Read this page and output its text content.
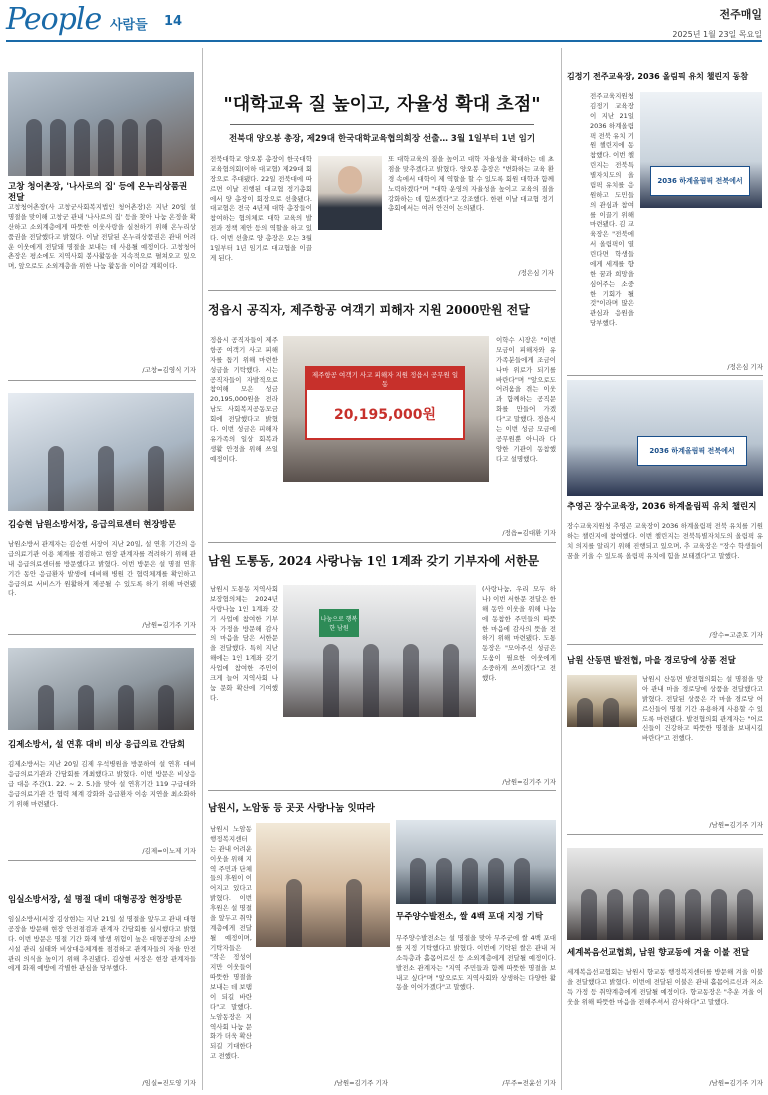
People 사람들 14	전주매일
2025년 1월 23일 목요일
고창 청어촌장, '나사로의 집' 등에 온누리상품권 전달
고창청어촌장(사 고창군사회복지법인 청어촌장)은 지난 20일 설 명절을 맞이해 고창군 관내 '나사로의 집' 등을 찾아 나눔 온정을 확산하고 소외계층에게 따뜻한 이웃사랑을 실천하기 위해 온누리상품권을 전달했다고 밝혔다. 이날 전달된 온누리상품권은 관내 어려운 이웃에게 전달돼 명절을 보내는 데 사용될 예정이다. 고창청어촌장은 평소에도 지역사회 봉사활동을 지속적으로 펼쳐오고 있으며, 앞으로도 소외계층을 위한 나눔 활동을 이어갈 계획이다.
/고창=김영식 기자
김승현 남원소방서장, 응급의료센터 현장방문
남원소방서 관계자는 김승현 서장이 지난 20일, 설 연휴 기간의 응급의료기관 이용 체계를 점검하고 현장 관계자를 격려하기 위해 관내 응급의료센터를 방문했다고 밝혔다. 이번 방문은 설 명절 연휴 기간 동안 응급환자 발생에 대비해 병원 간 협력체계를 확인하고 응급의료 서비스가 원활하게 제공될 수 있도록 하기 위해 마련됐다.
/남원=김기주 기자
김제소방서, 설 연휴 대비 비상 응급의료 간담회
김제소방서는 지난 20일 김제 우석병원을 방문하여 설 연휴 대비 응급의료기관과 간담회를 개최했다고 밝혔다. 이번 방문은 비상응급 대응 주간(1. 22. ~ 2. 5.)을 맞아 설 연휴기간 119 구급대와 응급의료기관 간 협력 체계 강화와 응급환자 이송 지연을 최소화하기 위해 마련됐다.
/김제=이노제 기자
임실소방서장, 설 명절 대비 대형공장 현장방문
임실소방서(서장 김상현)는 지난 21일 설 명절을 앞두고 관내 대형공장을 방문해 현장 안전점검과 관계자 간담회를 실시했다고 밝혔다. 이번 방문은 명절 기간 화재 발생 위험이 높은 대형공장의 소방시설 관리 실태와 비상대응체계를 점검하고 관계자들의 자율 안전관리 의식을 높이기 위해 추진됐다. 김상현 서장은 현장 관계자들에게 화재 예방에 각별한 관심을 당부했다.
/임실=진도영 기자
"대학교육 질 높이고, 자율성 확대 초점"
전북대 양오봉 총장, 제29대 한국대학교육협의회장 선출… 3월 1일부터 1년 임기
전북대학교 양오봉 총장이 한국대학교육협의회(이하 대교협) 제29대 회장으로 추대됐다. 22일 전북대에 따르면 이날 진행된 대교협 정기총회에서 양 총장이 회장으로 선출됐다. 대교협은 전국 4년제 대학 총장들이 참여하는 협의체로 대학 교육의 발전과 정책 제안 등의 역할을 하고 있다. 이번 선출로 양 총장은 오는 3월 1일부터 1년 임기로 대교협을 이끌게 된다.
또 대학교육의 질을 높이고 대학 자율성을 확대하는 데 초점을 맞추겠다고 밝혔다. 양오봉 총장은 "변화하는 교육 환경 속에서 대학이 제 역할을 할 수 있도록 회원 대학과 함께 노력하겠다"며 "대학 운영의 자율성을 높이고 교육의 질을 강화하는 데 힘쓰겠다"고 강조했다. 한편 이날 대교협 정기총회에서는 여러 안건이 논의됐다.
/정은심 기자
정읍시 공직자, 제주항공 여객기 피해자 지원 2000만원 전달
정읍시 공직자들이 제주항공 여객기 사고 피해자를 돕기 위해 마련한 성금을 기탁했다. 시는 공직자들이 자발적으로 참여해 모은 성금 20,195,000원을 전라남도 사회복지공동모금회에 전달했다고 밝혔다. 이번 성금은 피해자 유가족의 일상 회복과 생활 안정을 위해 쓰일 예정이다.
제주항공 여객기 사고 피해자 지원 정읍시 공무원 일동
20,195,000원
이학수 시장은 "이번 모금이 피해자와 유가족분들에게 조금이나마 위로가 되기를 바란다"며 "앞으로도 어려움을 겪는 이웃과 함께하는 공직문화를 만들어 가겠다"고 말했다. 정읍시는 이번 성금 모금에 공무원뿐 아니라 다양한 기관이 동참했다고 설명했다.
/정읍=김대환 기자
남원 도통동, 2024 사랑나눔 1인 1계좌 갖기 기부자에 서한문
남원시 도통동 지역사회보장협의체는 2024년 사랑나눔 1인 1계좌 갖기 사업에 참여한 기부자 가정을 방문해 감사의 마음을 담은 서한문을 전달했다. 특히 지난해에는 1인 1계좌 갖기 사업에 참여한 주민이 크게 늘어 지역사회 나눔 문화 확산에 기여했다.
나눔으로 행복한 남원
(사랑나눔, 우리 모두 하나) 이번 서한문 전달은 한 해 동안 이웃을 위해 나눔에 동참한 주민들의 따뜻한 마음에 감사의 뜻을 전하기 위해 마련됐다. 도통동장은 "모아주신 성금은 도움이 필요한 이웃에게 소중하게 쓰이겠다"고 전했다.
/남원=김기주 기자
남원시, 노암동 등 곳곳 사랑나눔 잇따라
남원시 노암동 행정복지센터는 관내 어려운 이웃을 위해 지역 주민과 단체들의 후원이 이어지고 있다고 밝혔다. 이번 후원은 설 명절을 앞두고 취약계층에게 전달될 예정이며, 기탁자들은 "작은 정성이지만 이웃들이 따뜻한 명절을 보내는 데 보탬이 되길 바란다"고 말했다. 노암동장은 지역사회 나눔 문화가 더욱 확산되길 기대한다고 전했다.
/남원=김기주 기자
무주양수발전소, 쌀 4백 포대 지정 기탁
무주양수발전소는 설 명절을 맞아 무주군에 쌀 4백 포대를 지정 기탁했다고 밝혔다. 이번에 기탁된 쌀은 관내 저소득층과 홀몸어르신 등 소외계층에게 전달될 예정이다. 발전소 관계자는 "지역 주민들과 함께 따뜻한 명절을 보내고 싶다"며 "앞으로도 지역사회와 상생하는 다양한 활동을 이어가겠다"고 말했다.
/무주=전윤선 기자
김정기 전주교육장, 2036 올림픽 유치 챌린지 동참
전주교육지원청 김정기 교육장이 지난 21일 2036 하계올림픽 전북 유치 기원 챌린지에 동참했다. 이번 챌린지는 전북특별자치도의 올림픽 유치를 응원하고 도민들의 관심과 참여를 이끌기 위해 마련됐다. 김 교육장은 "전북에서 올림픽이 열린다면 학생들에게 세계를 향한 꿈과 희망을 심어주는 소중한 기회가 될 것"이라며 많은 관심과 응원을 당부했다.
2036 하계올림픽 전북에서
/정은심 기자
2036 하계올림픽 전북에서
추영곤 장수교육장, 2036 하계올림픽 유치 챌린지
장수교육지원청 추영곤 교육장이 2036 하계올림픽 전북 유치를 기원하는 챌린지에 참여했다. 이번 챌린지는 전북특별자치도의 올림픽 유치 의지를 알리기 위해 진행되고 있으며, 추 교육장은 "장수 학생들이 꿈을 키울 수 있도록 올림픽 유치에 힘을 보태겠다"고 말했다.
/장수=고준호 기자
남원 산동면 발전협, 마을 경로당에 상품 전달
남원시 산동면 발전협의회는 설 명절을 맞아 관내 마을 경로당에 상품을 전달했다고 밝혔다. 전달된 상품은 각 마을 경로당 어르신들이 명절 기간 유용하게 사용할 수 있도록 마련됐다. 발전협의회 관계자는 "어르신들이 건강하고 따뜻한 명절을 보내시길 바란다"고 전했다.
/남원=김기주 기자
세계복음선교협회, 남원 향교동에 겨울 이불 전달
세계복음선교협회는 남원시 향교동 행정복지센터를 방문해 겨울 이불을 전달했다고 밝혔다. 이번에 전달된 이불은 관내 홀몸어르신과 저소득 가정 등 취약계층에게 전달될 예정이다. 향교동장은 "추운 겨울 이웃을 위해 따뜻한 마음을 전해주셔서 감사하다"고 말했다.
/남원=김기주 기자
